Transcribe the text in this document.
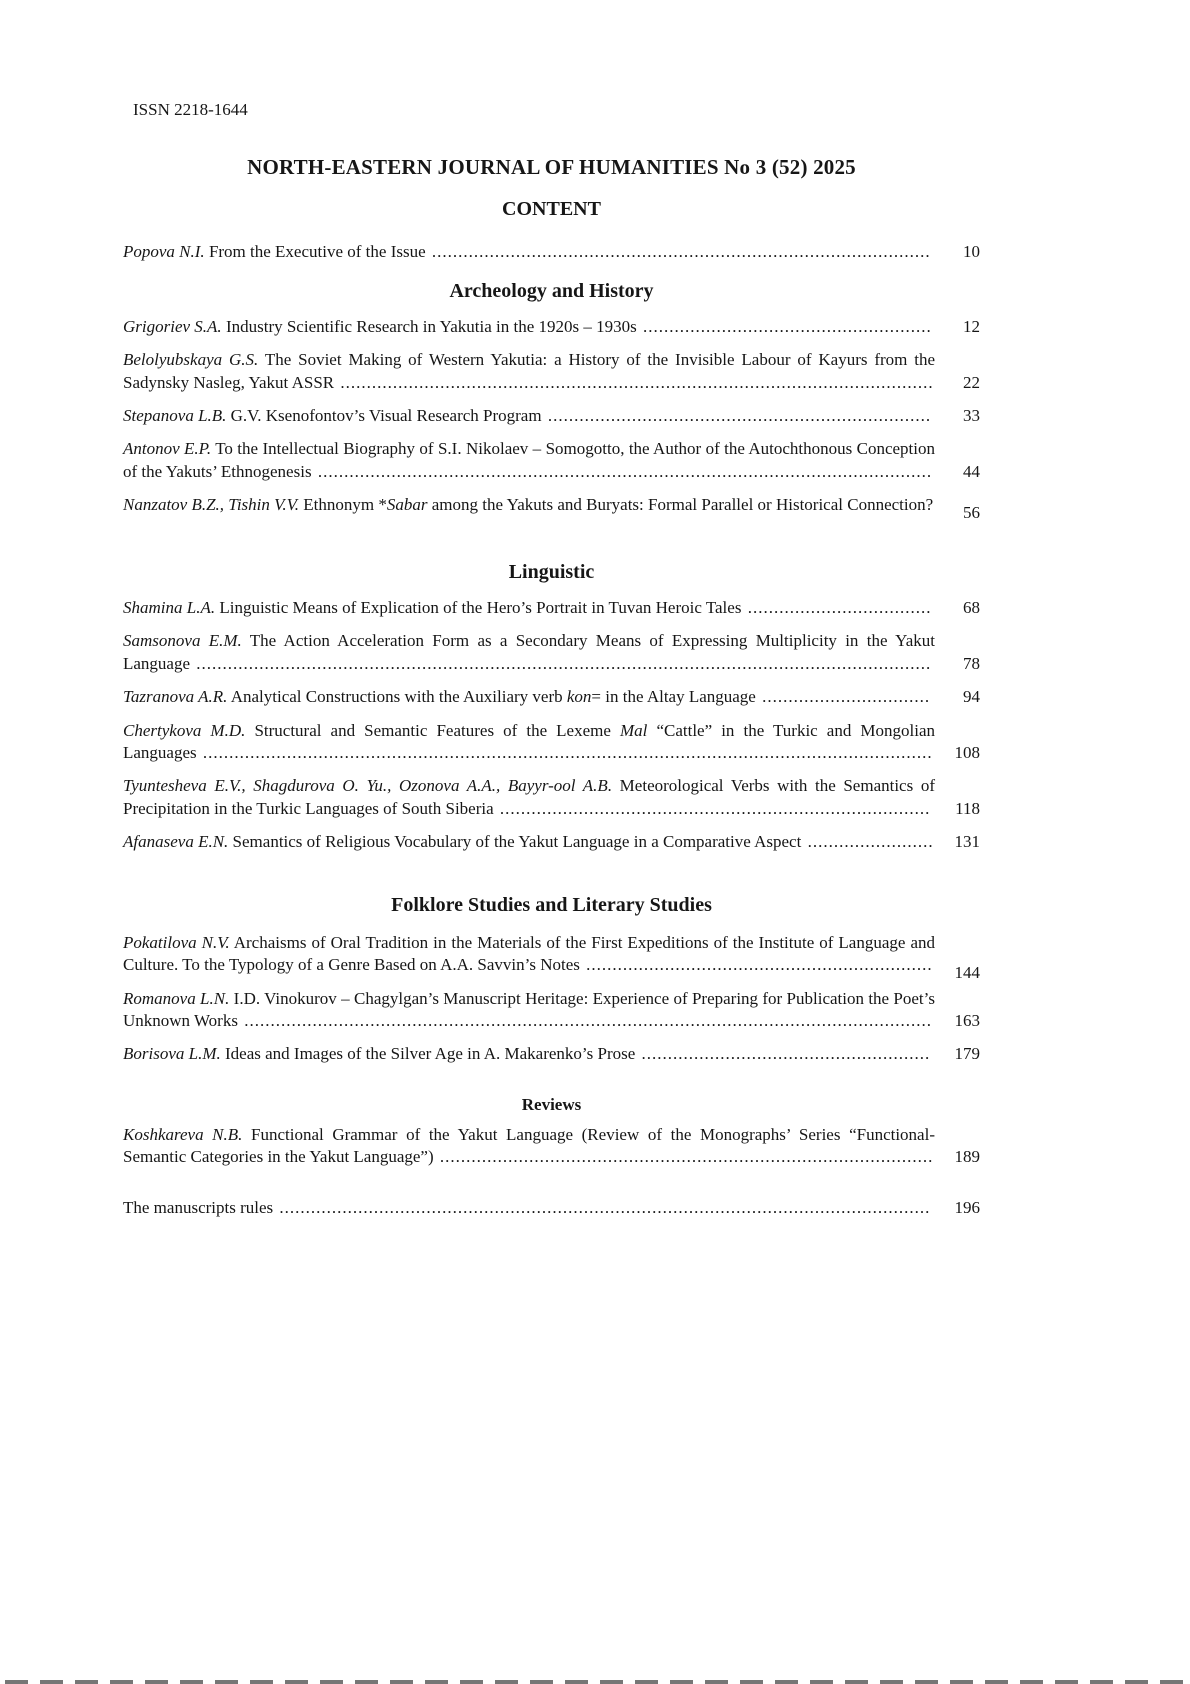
ISSN 2218-1644
NORTH-EASTERN JOURNAL OF HUMANITIES No 3 (52) 2025
CONTENT
Popova N.I. From the Executive of the Issue ...............................................................................................	10
Archeology and History
Grigoriev S.A. Industry Scientific Research in Yakutia in the 1920s – 1930s .......................................................	12
Belolyubskaya G.S. The Soviet Making of Western Yakutia: a History of the Invisible Labour of Kayurs from the Sadynsky Nasleg, Yakut ASSR .................................................................................................................	22
Stepanova L.B. G.V. Ksenofontov’s Visual Research Program .........................................................................	33
Antonov E.P. To the Intellectual Biography of S.I. Nikolaev – Somogotto, the Author of the Autochthonous Conception of the Yakuts’ Ethnogenesis .....................................................................................................................	44
Nanzatov B.Z., Tishin V.V. Ethnonym *Sabar among the Yakuts and Buryats: Formal Parallel or Historical Connection?	56
Linguistic
Shamina L.A. Linguistic Means of Explication of the Hero’s Portrait in Tuvan Heroic Tales ...................................	68
Samsonova E.M. The Action Acceleration Form as a Secondary Means of Expressing Multiplicity in the Yakut Language ............................................................................................................................................	78
Tazranova A.R. Analytical Constructions with the Auxiliary verb kon= in the Altay Language ................................	94
Chertykova M.D. Structural and Semantic Features of the Lexeme Mal “Cattle” in the Turkic and Mongolian Languages ...........................................................................................................................................	108
Tyuntesheva E.V., Shagdurova O. Yu., Ozonova A.A., Bayyr-ool A.B. Meteorological Verbs with the Semantics of Precipitation in the Turkic Languages of South Siberia ..................................................................................	118
Afanaseva E.N. Semantics of Religious Vocabulary of the Yakut Language in a Comparative Aspect ........................	131
Folklore Studies and Literary Studies
Pokatilova N.V. Archaisms of Oral Tradition in the Materials of the First Expeditions of the Institute of Language and Culture. To the Typology of a Genre Based on A.A. Savvin’s Notes ..................................................................	144
Romanova L.N. I.D. Vinokurov – Chagylgan’s Manuscript Heritage: Experience of Preparing for Publication the Poet’s Unknown Works ...................................................................................................................................	163
Borisova L.M. Ideas and Images of the Silver Age in A. Makarenko’s Prose .......................................................	179
Reviews
Koshkareva N.B. Functional Grammar of the Yakut Language (Review of the Monographs’ Series “Functional-Semantic Categories in the Yakut Language”) ..............................................................................................	189
The manuscripts rules ............................................................................................................................	196
